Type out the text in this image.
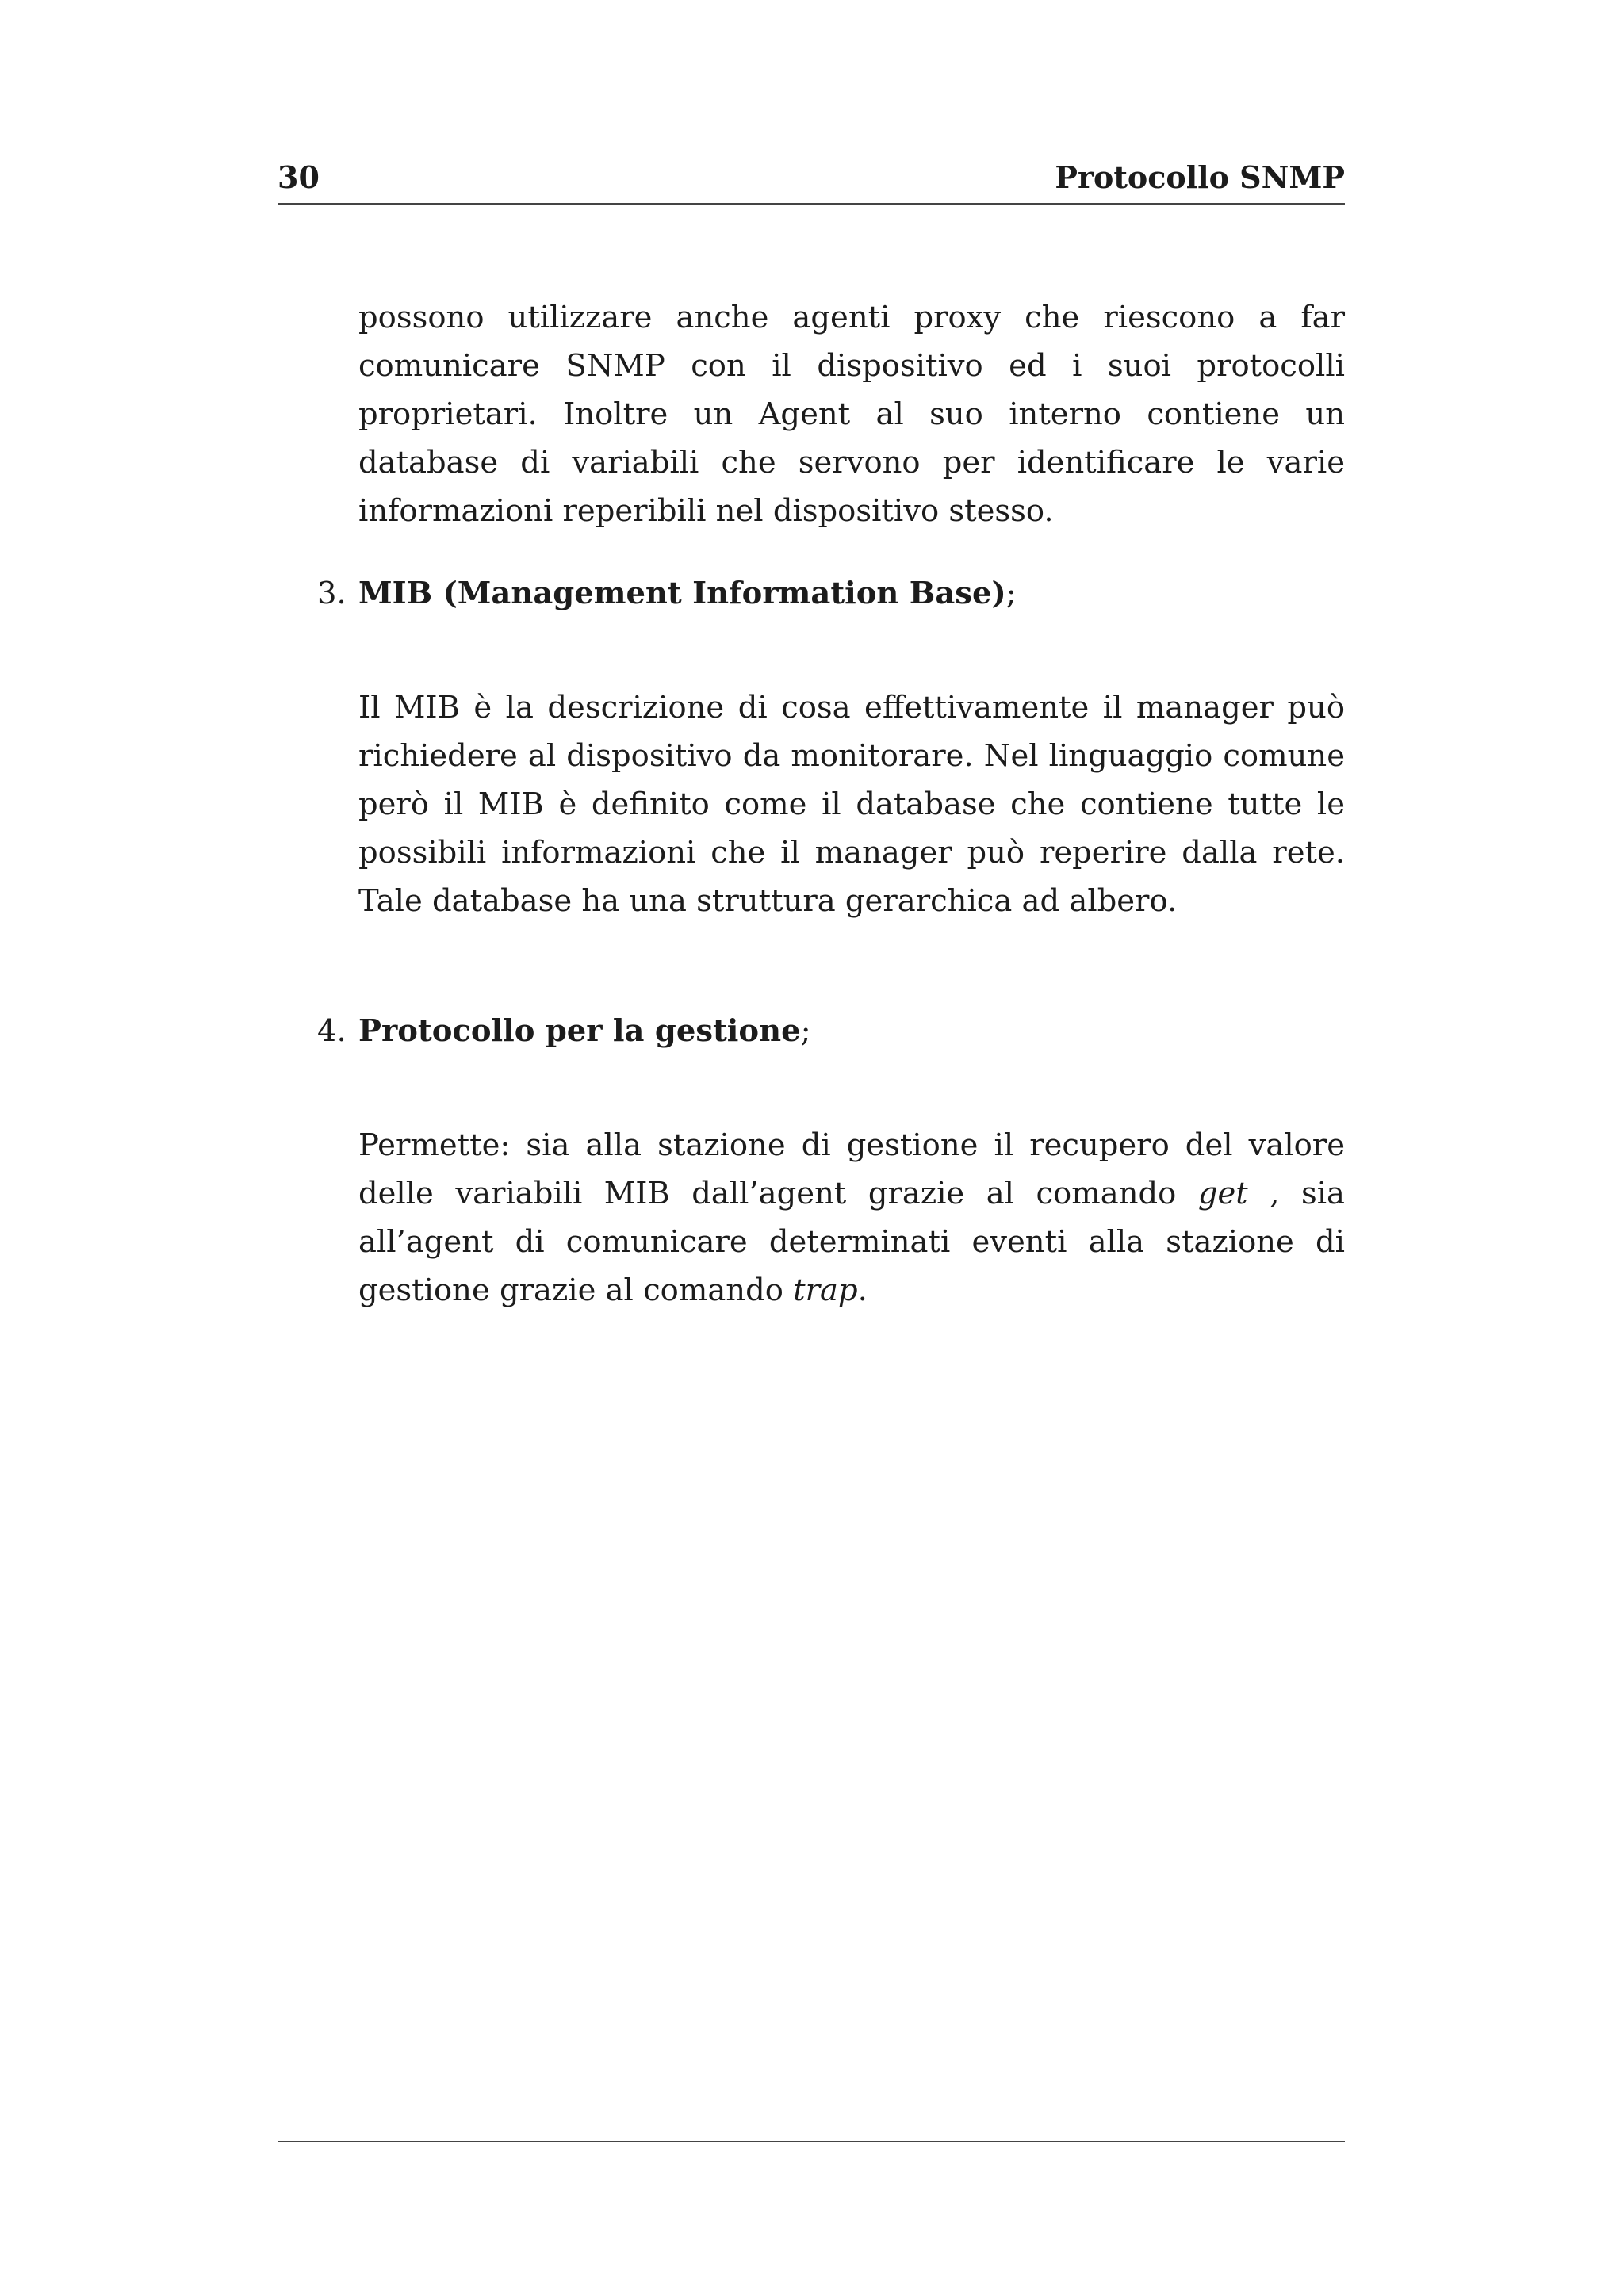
30	Protocollo SNMP

possono utilizzare anche agenti proxy che riescono a far comunicare SNMP con il dispositivo ed i suoi protocolli proprietari. Inoltre un Agent al suo interno contiene un database di variabili che servono per identificare le varie informazioni reperibili nel dispositivo stesso.

3. MIB (Management Information Base);

Il MIB è la descrizione di cosa effettivamente il manager può richiedere al dispositivo da monitorare. Nel linguaggio comune però il MIB è definito come il database che contiene tutte le possibili informazioni che il manager può reperire dalla rete. Tale database ha una struttura gerarchica ad albero.

4. Protocollo per la gestione;

Permette: sia alla stazione di gestione il recupero del valore delle variabili MIB dall’agent grazie al comando get , sia all’agent di comunicare determinati eventi alla stazione di gestione grazie al comando trap.
